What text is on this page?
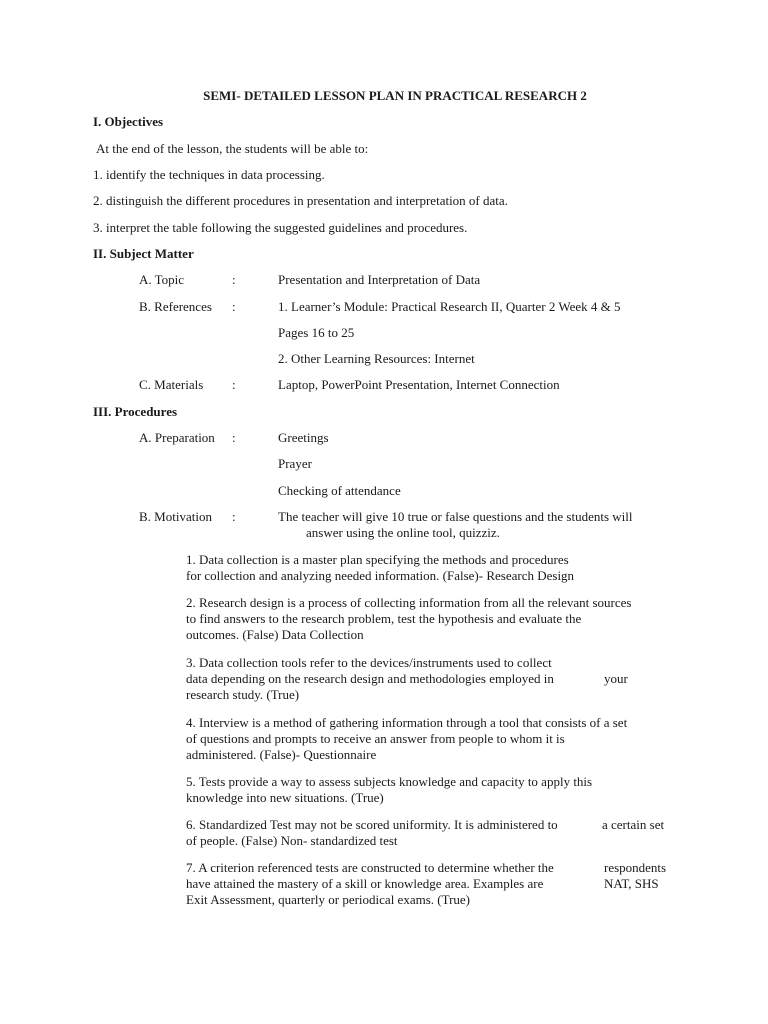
SEMI- DETAILED LESSON PLAN IN PRACTICAL RESEARCH 2
I. Objectives
At the end of the lesson, the students will be able to:
1. identify the techniques in data processing.
2. distinguish the different procedures in presentation and interpretation of data.
3. interpret the table following the suggested guidelines and procedures.
II. Subject Matter
A. Topic	:	Presentation and Interpretation of Data
B. References :	1. Learner’s Module: Practical Research II, Quarter 2 Week 4 & 5
Pages 16 to 25
2. Other Learning Resources: Internet
C. Materials :	Laptop, PowerPoint Presentation, Internet Connection
III. Procedures
A. Preparation :	Greetings
Prayer
Checking of attendance
B. Motivation :	The teacher will give 10 true or false questions and the students will
answer using the online tool, quizziz.
1. Data collection is a master plan specifying the methods and procedures
for collection and analyzing needed information. (False)- Research Design
2. Research design is a process of collecting information from all the relevant sources
to find answers to the research problem, test the hypothesis and evaluate the
outcomes. (False) Data Collection
3. Data collection tools refer to the devices/instruments used to collect
data depending on the research design and methodologies employed in	your
research study. (True)
4. Interview is a method of gathering information through a tool that consists of a set
of questions and prompts to receive an answer from people to whom it is
administered. (False)- Questionnaire
5. Tests provide a way to assess subjects knowledge and capacity to apply this
knowledge into new situations. (True)
6. Standardized Test may not be scored uniformity. It is administered to	a certain set
of people. (False) Non- standardized test
7. A criterion referenced tests are constructed to determine whether the	respondents
have attained the mastery of a skill or knowledge area. Examples are	NAT, SHS
Exit Assessment, quarterly or periodical exams. (True)
